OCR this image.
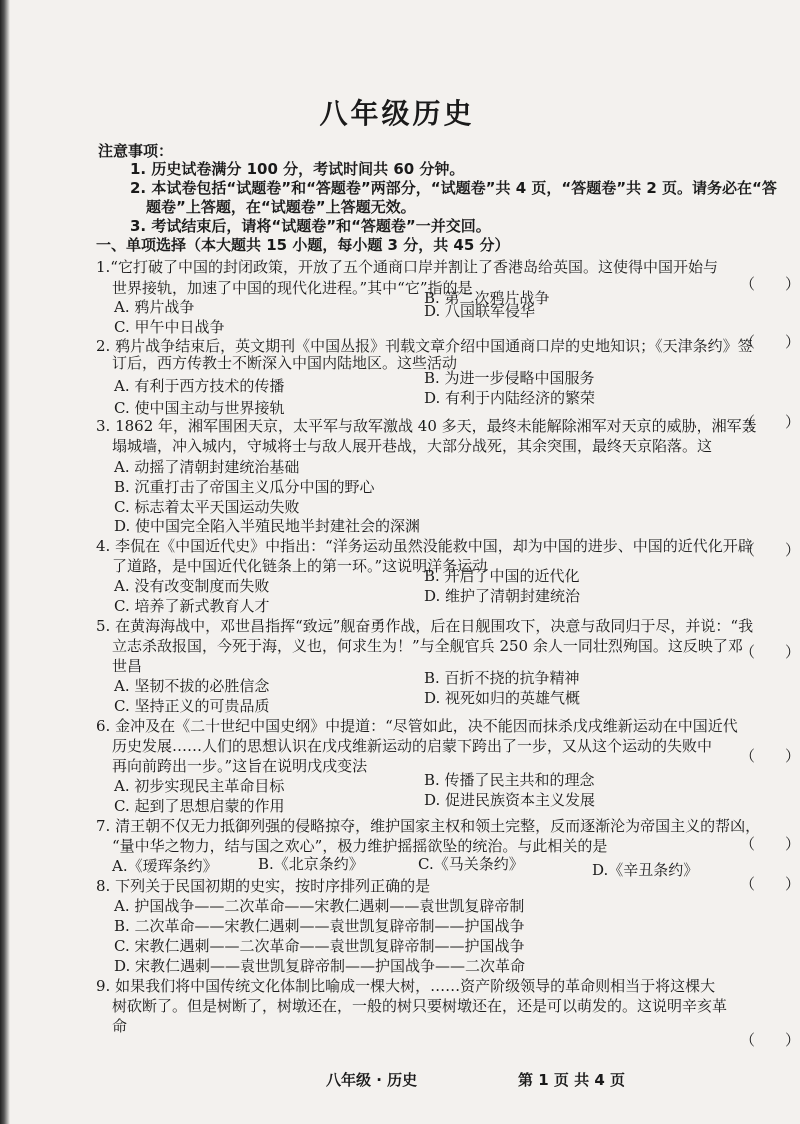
八年级历史
注意事项：
1. 历史试卷满分 100 分，考试时间共 60 分钟。
2. 本试卷包括“试题卷”和“答题卷”两部分，“试题卷”共 4 页，“答题卷”共 2 页。请务必在“答
题卷”上答题，在“试题卷”上答题无效。
3. 考试结束后，请将“试题卷”和“答题卷”一并交回。
一、单项选择（本大题共 15 小题，每小题 3 分，共 45 分）
1.“它打破了中国的封闭政策，开放了五个通商口岸并割让了香港岛给英国。这使得中国开始与
（　　）
世界接轨，加速了中国的现代化进程。”其中“它”指的是
A. 鸦片战争	B. 第二次鸦片战争
C. 甲午中日战争
D. 八国联军侵华
2. 鸦片战争结束后，英文期刊《中国丛报》刊载文章介绍中国通商口岸的史地知识；《天津条约》签
（　　）
订后，西方传教士不断深入中国内陆地区。这些活动
A. 有利于西方技术的传播	B. 为进一步侵略中国服务
C. 使中国主动与世界接轨
D. 有利于内陆经济的繁荣
3. 1862 年，湘军围困天京，太平军与敌军激战 40 多天，最终未能解除湘军对天京的威胁，湘军轰
（　　）
塌城墙，冲入城内，守城将士与敌人展开巷战，大部分战死，其余突围，最终天京陷落。这
A. 动摇了清朝封建统治基础
B. 沉重打击了帝国主义瓜分中国的野心
C. 标志着太平天国运动失败
D. 使中国完全陷入半殖民地半封建社会的深渊
4. 李侃在《中国近代史》中指出：“洋务运动虽然没能救中国，却为中国的进步、中国的近代化开辟
（　　）
了道路，是中国近代化链条上的第一环。”这说明洋务运动
A. 没有改变制度而失败
B. 开启了中国的近代化
C. 培养了新式教育人才
D. 维护了清朝封建统治
5. 在黄海海战中，邓世昌指挥“致远”舰奋勇作战，后在日舰围攻下，决意与敌同归于尽，并说：“我
立志杀敌报国，今死于海，义也，何求生为！”与全舰官兵 250 余人一同壮烈殉国。这反映了邓
世昌
（　　）
A. 坚韧不拔的必胜信念	B. 百折不挠的抗争精神
C. 坚持正义的可贵品质	D. 视死如归的英雄气概
6. 金冲及在《二十世纪中国史纲》中提道：“尽管如此，决不能因而抹杀戊戌维新运动在中国近代
历史发展……人们的思想认识在戊戌维新运动的启蒙下跨出了一步，又从这个运动的失败中
再向前跨出一步。”这旨在说明戊戌变法
（　　）
A. 初步实现民主革命目标	B. 传播了民主共和的理念
C. 起到了思想启蒙的作用	D. 促进民族资本主义发展
7. 清王朝不仅无力抵御列强的侵略掠夺，维护国家主权和领土完整，反而逐渐沦为帝国主义的帮凶，
“量中华之物力，结与国之欢心”，极力维护摇摇欲坠的统治。与此相关的是	（　　）
A.《瑷珲条约》	B.《北京条约》	C.《马关条约》	D.《辛丑条约》
8. 下列关于民国初期的史实，按时序排列正确的是	（　　）
A. 护国战争——二次革命——宋教仁遇刺——袁世凯复辟帝制
B. 二次革命——宋教仁遇刺——袁世凯复辟帝制——护国战争
C. 宋教仁遇刺——二次革命——袁世凯复辟帝制——护国战争
D. 宋教仁遇刺——袁世凯复辟帝制——护国战争——二次革命
9. 如果我们将中国传统文化体制比喻成一棵大树，……资产阶级领导的革命则相当于将这棵大
树砍断了。但是树断了，树墩还在，一般的树只要树墩还在，还是可以萌发的。这说明辛亥革
命
（　　）
八年级 · 历史	第 1 页 共 4 页
